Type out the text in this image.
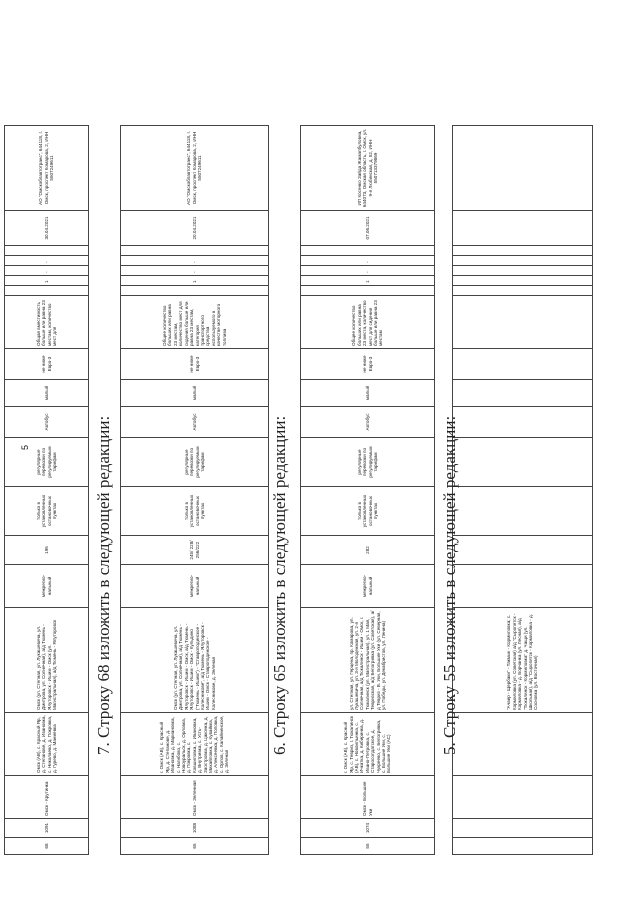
5
				"Ачаир - Щербаки" - Такмык - Кормиловка; с. Кормиловка (ул. Советская) а/д "Сыропятск - Кормиловка - д. Борчанка (ул. Лесная), а/д "Тюкалинск - Кормиловка" д. Чащи (ул. Школьная), а/д "Сыропятск - Кормиловка - д. Сосновка (ул. Восточная)															
5. Строку 55 изложить в следующей редакции:
55	1074	Омск - Большие Уки	г. Омск (АВ), с. Красный Яр, с. Тевриз, г. Тюкалинск (АВ), с. Новоильинка, с. Ичкатка, д. Кибиринка, д. Ивано-Петровка, с. Старосолдатское, д. Чукреево, с. Белогривка, с. Большие Уки, с. Большие Уки (АС)	ул. Степная, ул. Герцена, пр. Комарова, ул. Лукашевича, ул. 3-я Молодежная, ул. 2-я Солнечная, а/д Тюкалинск - Ишим - Омск, г. Тюкалинск (ул. Магистральная), ул. 1 Мая, Тевризская, а/д Белогривка (ул. Советская), а/д Тевриз - В. Уки, Большие Уки (ул. Северная, ул. Победы, ул. Декабристов, ул. Ленина)	межрегио-нальный	282	только в установленных остановочных пунктах	регулярные перевозки по регулируемым тарифам	Автобус	малый	не ниже Евро-3	Общее количество больших или равна 23 места, количество мест для сидения больше или равна 23 местам		1	-	-		07.06.2021	ИП Косенко Зайда Жамалбуловна, 644073, Омская область, г. Омск, ул. 9-я Любинская, д. 52, ИНН 550713379869
6. Строку 65 изложить в следующей редакции:
65	1088	Омск - Зеленная	г. Омск (АВ), с. Красный Яр, д. Степанове, д. Ивановка, д. Мариановка, с. Нагибово, с. Новоуральск, д. Орловка, д. Покровка, с. Ковшиловка, с. Ивановка, д. Внутривка, с. Усть-Заостровка, д. Цаконка, д. Михайловка, с. Кувайкка, д. Алексеевка, д. Поповка, с. Орлов, с. Калайнинское, д. Зеленая	Омск (ул. Степная, ул. Лукашевича, ул. Дмитрова, ул. Солнечная), а/д Тюмень - Ялуторовск - Ишим - Омск, а/д Тюмень - Ялуторовск - Ишим - Омск - Кульдино ("Тюмень - Ишим") - "Ставроподинское - Колесникове", а/д Тюмень - Ялуторовск - Ишим - Омск - Ставроподинское - Колесникове, д. Зеленая	межрегио-нальный	245/ 228/ 256/222	только в установленных остановочных пунктах	регулярные перевозки по регулируемым тарифам	Автобус	малый	не ниже Евро-3	Общее количество больших или равна 23 местам, количество мест для сидения больше или равна 23 местам, категория транспортного средства используемого в качестве моторного топлива		1	-	-		20.04.2021	АО "Омскоблавтотранс", 644118, г. Омск, проспект Комарова, 2, ИНН 5507249611
7. Строку 68 изложить в следующей редакции:
68	1091	Омск - Крутинка	Омск (АВ), с. Красный Яр, д. Степанове, д. Ивановка, с. Николаево, д. Покровка, д. Гурево, д. Маниевка	Омск (ул. Степная, ул. Лукашевича, ул. Дмитрова, ул. Солнечная), а/д Тюмень - Ялуторовск - Ишим - Омск (ул. Магистральная), а/д Тюмень - Ялуторовск	межрегио-нальный	195	только в установленных остановочных пунктах	регулярные перевозки по регулируемым тарифам	Автобус	малый	не ниже Евро-3	Общая вместимость больше или равна 23 местам, количество мест для		1	-	-		30.04.2021	АО "Омскоблавтотранс", 644118, г. Омск, проспект Комарова, 2, ИНН 5507249611
